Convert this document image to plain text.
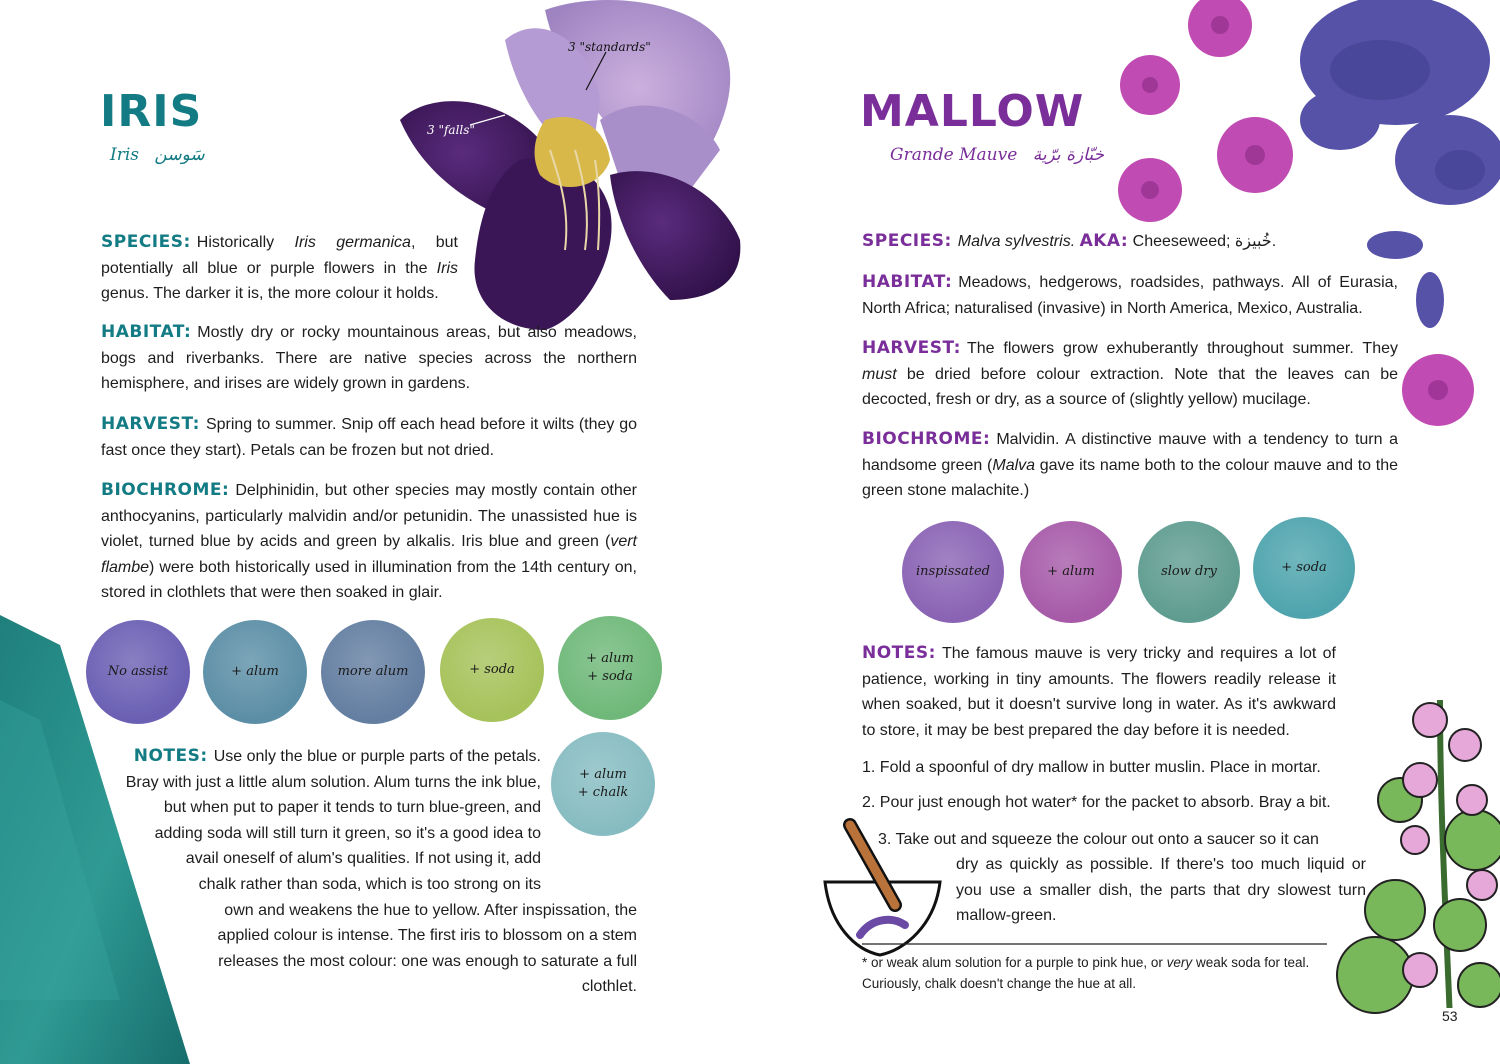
3 "standards"
3 "falls"
IRIS
Iris سَوسن
SPECIES: Historically Iris germanica, but potentially all blue or purple flowers in the Iris genus. The darker it is, the more colour it holds.
HABITAT: Mostly dry or rocky mountainous areas, but also meadows, bogs and riverbanks. There are native species across the northern hemisphere, and irises are widely grown in gardens.
HARVEST: Spring to summer. Snip off each head before it wilts (they go fast once they start). Petals can be frozen but not dried.
BIOCHROME: Delphinidin, but other species may mostly contain other anthocyanins, particularly malvidin and/or petunidin. The unassisted hue is violet, turned blue by acids and green by alkalis. Iris blue and green (vert flambe) were both historically used in illumination from the 14th century on, stored in clothlets that were then soaked in glair.
No assist	+ alum	more alum	+ soda
+ alum
+ soda
+ alum
+ chalk
NOTES: Use only the blue or purple parts of the petals. Bray with just a little alum solution. Alum turns the ink blue, but when put to paper it tends to turn blue-green, and adding soda will still turn it green, so it's a good idea to avail oneself of alum's qualities. If not using it, add chalk rather than soda, which is too strong on its own and weakens the hue to yellow. After inspissation, the applied colour is intense. The first iris to blossom on a stem releases the most colour: one was enough to saturate a full clothlet.
MALLOW
Grande Mauve خبّازة برّية
SPECIES: Malva sylvestris. AKA: Cheeseweed; خُبيزة.
HABITAT: Meadows, hedgerows, roadsides, pathways. All of Eurasia, North Africa; naturalised (invasive) in North America, Mexico, Australia.
HARVEST: The flowers grow exhuberantly throughout summer. They must be dried before colour extraction. Note that the leaves can be decocted, fresh or dry, as a source of (slightly yellow) mucilage.
BIOCHROME: Malvidin. A distinctive mauve with a tendency to turn a handsome green (Malva gave its name both to the colour mauve and to the green stone malachite.)
inspissated	+ alum	slow dry	+ soda
NOTES: The famous mauve is very tricky and requires a lot of patience, working in tiny amounts. The flowers readily release it when soaked, but it doesn't survive long in water. As it's awkward to store, it may be best prepared the day before it is needed.
1. Fold a spoonful of dry mallow in butter muslin. Place in mortar.
2. Pour just enough hot water* for the packet to absorb. Bray a bit.
3. Take out and squeeze the colour out onto a saucer so it can
dry as quickly as possible. If there's too much liquid or you use a smaller dish, the parts that dry slowest turn mallow-green.
* or weak alum solution for a purple to pink hue, or very weak soda for teal. Curiously, chalk doesn't change the hue at all.
53
